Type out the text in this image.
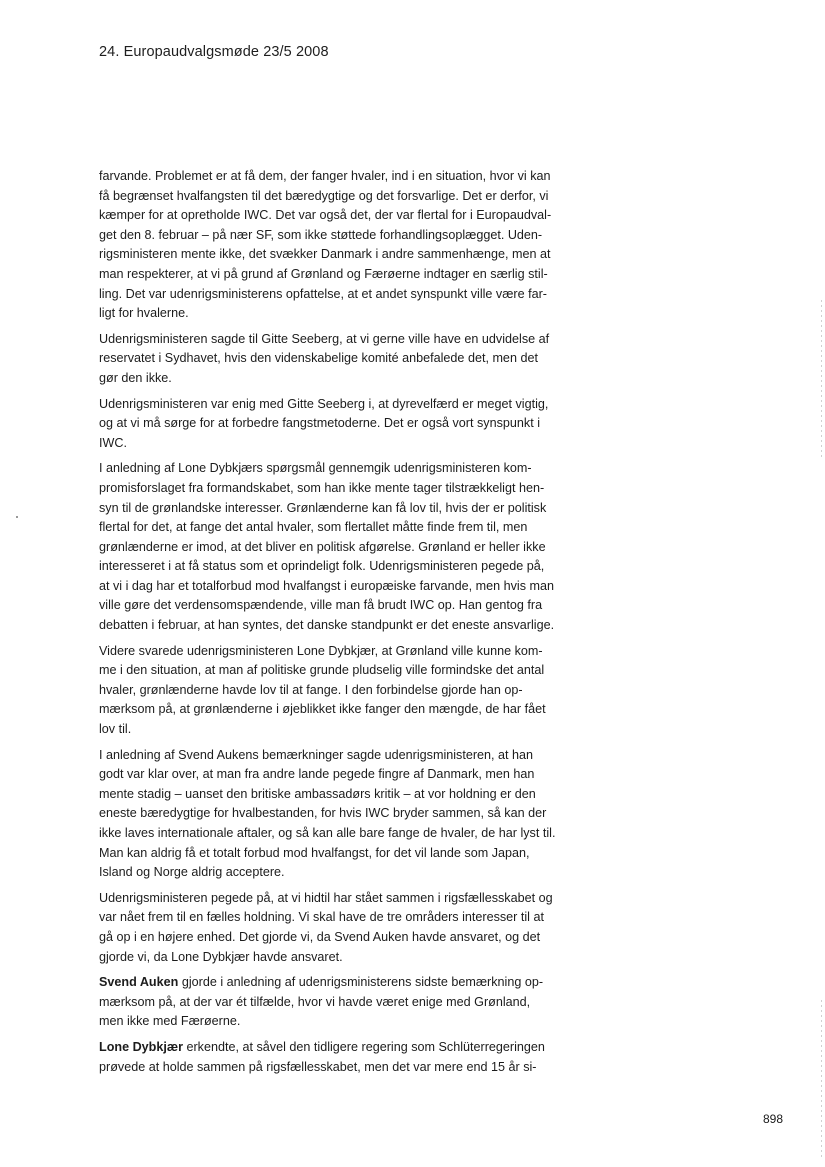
24. Europaudvalgsmøde 23/5 2008
farvande. Problemet er at få dem, der fanger hvaler, ind i en situation, hvor vi kan
få begrænset hvalfangsten til det bæredygtige og det forsvarlige. Det er derfor, vi
kæmper for at opretholde IWC. Det var også det, der var flertal for i Europaudval-
get den 8. februar – på nær SF, som ikke støttede forhandlingsoplægget. Uden-
rigsministeren mente ikke, det svækker Danmark i andre sammenhænge, men at
man respekterer, at vi på grund af Grønland og Færøerne indtager en særlig stil-
ling. Det var udenrigsministerens opfattelse, at et andet synspunkt ville være far-
ligt for hvalerne.
Udenrigsministeren sagde til Gitte Seeberg, at vi gerne ville have en udvidelse af
reservatet i Sydhavet, hvis den videnskabelige komité anbefalede det, men det
gør den ikke.
Udenrigsministeren var enig med Gitte Seeberg i, at dyrevelfærd er meget vigtig,
og at vi må sørge for at forbedre fangstmetoderne. Det er også vort synspunkt i
IWC.
I anledning af Lone Dybkjærs spørgsmål gennemgik udenrigsministeren kom-
promisforslaget fra formandskabet, som han ikke mente tager tilstrækkeligt hen-
syn til de grønlandske interesser. Grønlænderne kan få lov til, hvis der er politisk
flertal for det, at fange det antal hvaler, som flertallet måtte finde frem til, men
grønlænderne er imod, at det bliver en politisk afgørelse. Grønland er heller ikke
interesseret i at få status som et oprindeligt folk. Udenrigsministeren pegede på,
at vi i dag har et totalforbud mod hvalfangst i europæiske farvande, men hvis man
ville gøre det verdensomspændende, ville man få brudt IWC op. Han gentog fra
debatten i februar, at han syntes, det danske standpunkt er det eneste ansvarlige.
Videre svarede udenrigsministeren Lone Dybkjær, at Grønland ville kunne kom-
me i den situation, at man af politiske grunde pludselig ville formindske det antal
hvaler, grønlænderne havde lov til at fange. I den forbindelse gjorde han op-
mærksom på, at grønlænderne i øjeblikket ikke fanger den mængde, de har fået
lov til.
I anledning af Svend Aukens bemærkninger sagde udenrigsministeren, at han
godt var klar over, at man fra andre lande pegede fingre af Danmark, men han
mente stadig – uanset den britiske ambassadørs kritik – at vor holdning er den
eneste bæredygtige for hvalbestanden, for hvis IWC bryder sammen, så kan der
ikke laves internationale aftaler, og så kan alle bare fange de hvaler, de har lyst til.
Man kan aldrig få et totalt forbud mod hvalfangst, for det vil lande som Japan,
Island og Norge aldrig acceptere.
Udenrigsministeren pegede på, at vi hidtil har stået sammen i rigsfællesskabet og
var nået frem til en fælles holdning. Vi skal have de tre områders interesser til at
gå op i en højere enhed. Det gjorde vi, da Svend Auken havde ansvaret, og det
gjorde vi, da Lone Dybkjær havde ansvaret.
Svend Auken gjorde i anledning af udenrigsministerens sidste bemærkning op-
mærksom på, at der var ét tilfælde, hvor vi havde været enige med Grønland,
men ikke med Færøerne.
Lone Dybkjær erkendte, at såvel den tidligere regering som Schlüterregeringen
prøvede at holde sammen på rigsfællesskabet, men det var mere end 15 år si-
898
